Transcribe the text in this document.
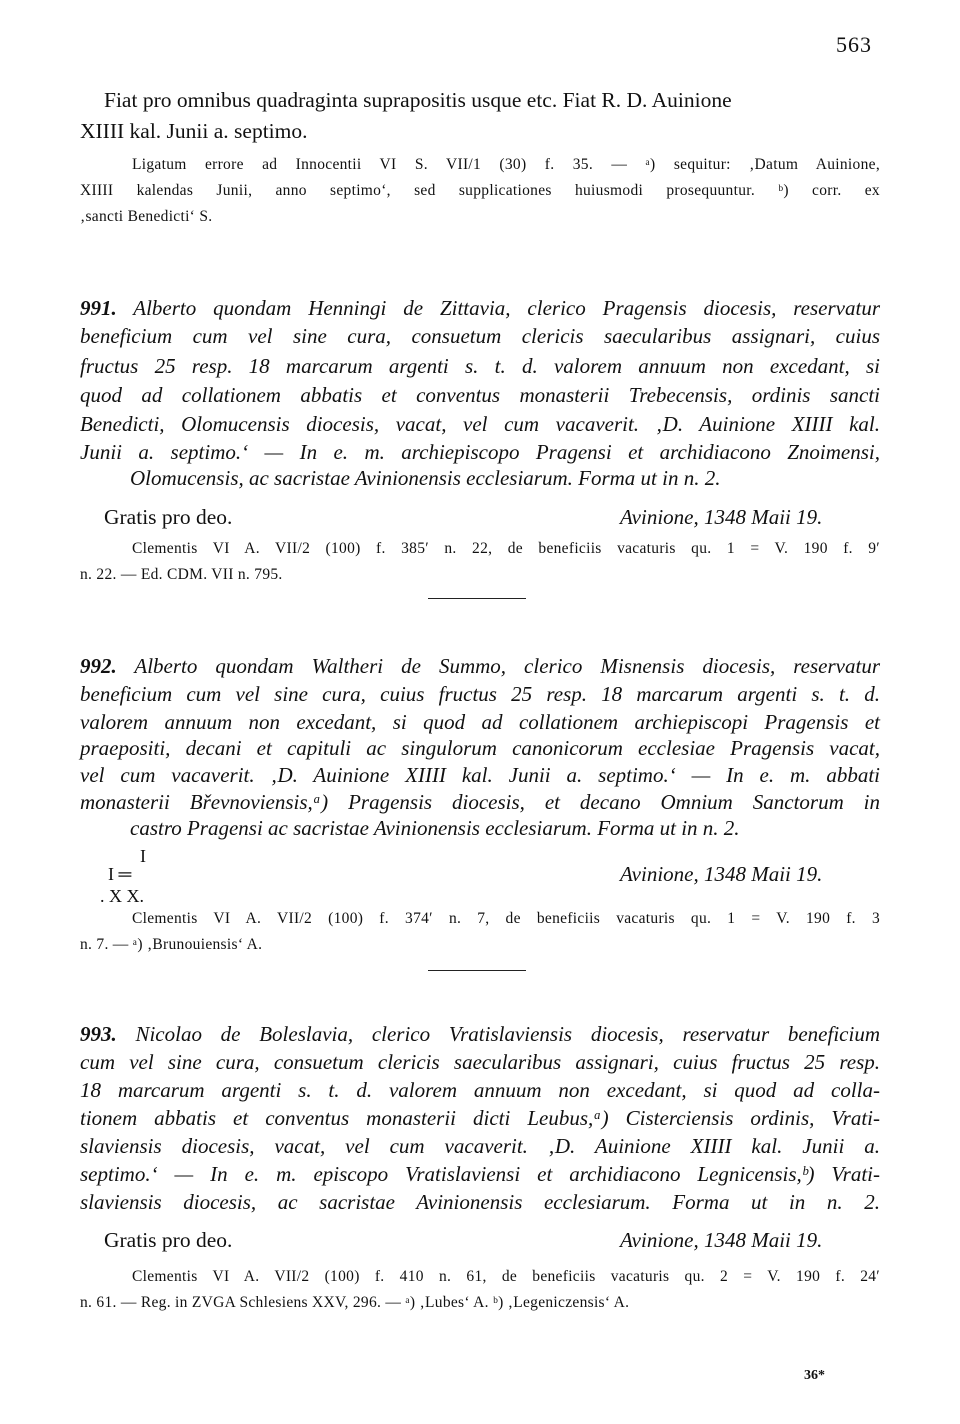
563
Fiat pro omnibus quadraginta suprapositis usque etc. Fiat R. D. Auinione
XIIII kal. Junii a. septimo.
Ligatum errore ad Innocentii VI S. VII/1 (30) f. 35. — ᵃ) sequitur: ‚Datum Auinione,
XIIII kalendas Junii, anno septimo‘, sed supplicationes huiusmodi prosequuntur. ᵇ) corr. ex
‚sancti Benedicti‘ S.
991. Alberto quondam Henningi de Zittavia, clerico Pragensis diocesis, reservatur
beneficium cum vel sine cura, consuetum clericis saecularibus assignari, cuius
fructus 25 resp. 18 marcarum argenti s. t. d. valorem annuum non excedant, si
quod ad collationem abbatis et conventus monasterii Trebecensis, ordinis sancti
Benedicti, Olomucensis diocesis, vacat, vel cum vacaverit. ‚D. Auinione XIIII kal.
Junii a. septimo.‘ — In e. m. archiepiscopo Pragensi et archidiacono Znoimensi,
Olomucensis, ac sacristae Avinionensis ecclesiarum. Forma ut in n. 2.
Gratis pro deo.	Avinione, 1348 Maii 19.
Clementis VI A. VII/2 (100) f. 385′ n. 22, de beneficiis vacaturis qu. 1 = V. 190 f. 9′
n. 22. — Ed. CDM. VII n. 795.
992. Alberto quondam Waltheri de Summo, clerico Misnensis diocesis, reservatur
beneficium cum vel sine cura, cuius fructus 25 resp. 18 marcarum argenti s. t. d.
valorem annuum non excedant, si quod ad collationem archiepiscopi Pragensis et
praepositi, decani et capituli ac singulorum canonicorum ecclesiae Pragensis vacat,
vel cum vacaverit. ‚D. Auinione XIIII kal. Junii a. septimo.‘ — In e. m. abbati
monasterii Břevnoviensis,ᵃ) Pragensis diocesis, et decano Omnium Sanctorum in
castro Pragensi ac sacristae Avinionensis ecclesiarum. Forma ut in n. 2.
I
I ═
. X X.
Avinione, 1348 Maii 19.
Clementis VI A. VII/2 (100) f. 374′ n. 7, de beneficiis vacaturis qu. 1 = V. 190 f. 3
n. 7. — ᵃ) ‚Brunouiensis‘ A.
993. Nicolao de Boleslavia, clerico Vratislaviensis diocesis, reservatur beneficium
cum vel sine cura, consuetum clericis saecularibus assignari, cuius fructus 25 resp.
18 marcarum argenti s. t. d. valorem annuum non excedant, si quod ad colla-
tionem abbatis et conventus monasterii dicti Leubus,ᵃ) Cisterciensis ordinis, Vrati-
slaviensis diocesis, vacat, vel cum vacaverit. ‚D. Auinione XIIII kal. Junii a.
septimo.‘ — In e. m. episcopo Vratislaviensi et archidiacono Legnicensis,ᵇ) Vrati-
slaviensis diocesis, ac sacristae Avinionensis ecclesiarum. Forma ut in n. 2.
Gratis pro deo.	Avinione, 1348 Maii 19.
Clementis VI A. VII/2 (100) f. 410 n. 61, de beneficiis vacaturis qu. 2 = V. 190 f. 24′
n. 61. — Reg. in ZVGA Schlesiens XXV, 296. — ᵃ) ‚Lubes‘ A. ᵇ) ‚Legeniczensis‘ A.
36*
